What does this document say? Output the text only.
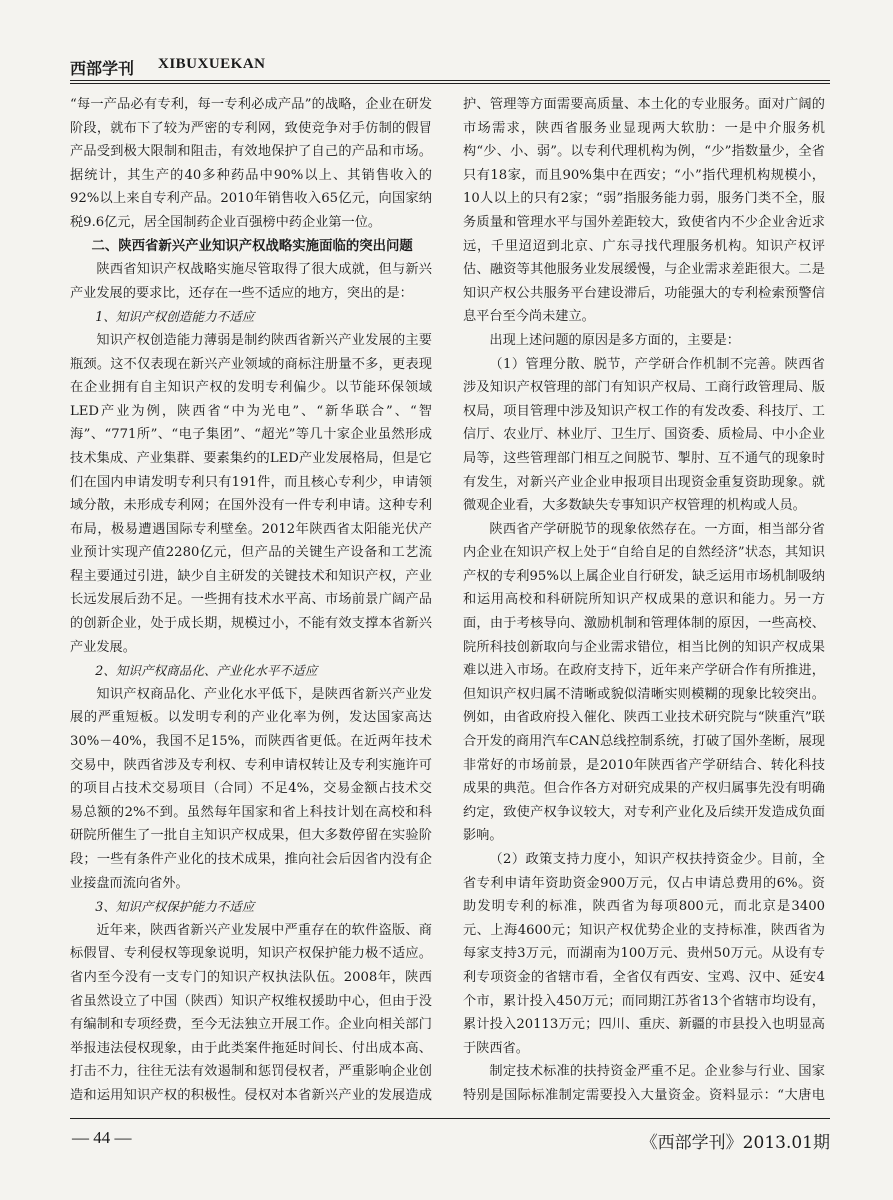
西部学刊 XIBUXUEKAN

“每一产品必有专利，每一专利必成产品”的战略，企业在研发阶段，就布下了较为严密的专利网，致使竞争对手仿制的假冒产品受到极大限制和阻击，有效地保护了自己的产品和市场。据统计，其生产的40多种药品中90%以上、其销售收入的92%以上来自专利产品。2010年销售收入65亿元，向国家纳税9.6亿元，居全国制药企业百强榜中药企业第一位。

二、陕西省新兴产业知识产权战略实施面临的突出问题

陕西省知识产权战略实施尽管取得了很大成就，但与新兴产业发展的要求比，还存在一些不适应的地方，突出的是：

1、知识产权创造能力不适应

知识产权创造能力薄弱是制约陕西省新兴产业发展的主要瓶颈。这不仅表现在新兴产业领域的商标注册量不多，更表现在企业拥有自主知识产权的发明专利偏少。以节能环保领域LED产业为例，陕西省“中为光电”、“新华联合”、“智海”、“771所”、“电子集团”、“超光”等几十家企业虽然形成技术集成、产业集群、要素集约的LED产业发展格局，但是它们在国内申请发明专利只有191件，而且核心专利少，申请领域分散，未形成专利网；在国外没有一件专利申请。这种专利布局，极易遭遇国际专利壁垒。2012年陕西省太阳能光伏产业预计实现产值2280亿元，但产品的关键生产设备和工艺流程主要通过引进，缺少自主研发的关键技术和知识产权，产业长远发展后劲不足。一些拥有技术水平高、市场前景广阔产品的创新企业，处于成长期，规模过小，不能有效支撑本省新兴产业发展。

2、知识产权商品化、产业化水平不适应

知识产权商品化、产业化水平低下，是陕西省新兴产业发展的严重短板。以发明专利的产业化率为例，发达国家高达30%－40%，我国不足15%，而陕西省更低。在近两年技术交易中，陕西省涉及专利权、专利申请权转让及专利实施许可的项目占技术交易项目（合同）不足4%，交易金额占技术交易总额的2%不到。虽然每年国家和省上科技计划在高校和科研院所催生了一批自主知识产权成果，但大多数停留在实验阶段；一些有条件产业化的技术成果，推向社会后因省内没有企业接盘而流向省外。

3、知识产权保护能力不适应

近年来，陕西省新兴产业发展中严重存在的软件盗版、商标假冒、专利侵权等现象说明，知识产权保护能力极不适应。省内至今没有一支专门的知识产权执法队伍。2008年，陕西省虽然设立了中国（陕西）知识产权维权援助中心，但由于没有编制和专项经费，至今无法独立开展工作。企业向相关部门举报违法侵权现象，由于此类案件拖延时间长、付出成本高、打击不力，往往无法有效遏制和惩罚侵权者，严重影响企业创造和运用知识产权的积极性。侵权对本省新兴产业的发展造成

护、管理等方面需要高质量、本土化的专业服务。面对广阔的市场需求，陕西省服务业显现两大软肋：一是中介服务机构“少、小、弱”。以专利代理机构为例，“少”指数量少，全省只有18家，而且90%集中在西安；“小”指代理机构规模小，10人以上的只有2家；“弱”指服务能力弱，服务门类不全，服务质量和管理水平与国外差距较大，致使省内不少企业舍近求远，千里迢迢到北京、广东寻找代理服务机构。知识产权评估、融资等其他服务业发展缓慢，与企业需求差距很大。二是知识产权公共服务平台建设滞后，功能强大的专利检索预警信息平台至今尚未建立。

出现上述问题的原因是多方面的，主要是：

（1）管理分散、脱节，产学研合作机制不完善。陕西省涉及知识产权管理的部门有知识产权局、工商行政管理局、版权局，项目管理中涉及知识产权工作的有发改委、科技厅、工信厅、农业厅、林业厅、卫生厅、国资委、质检局、中小企业局等，这些管理部门相互之间脱节、掣肘、互不通气的现象时有发生，对新兴产业企业申报项目出现资金重复资助现象。就微观企业看，大多数缺失专事知识产权管理的机构或人员。

陕西省产学研脱节的现象依然存在。一方面，相当部分省内企业在知识产权上处于“自给自足的自然经济”状态，其知识产权的专利95%以上属企业自行研发，缺乏运用市场机制吸纳和运用高校和科研院所知识产权成果的意识和能力。另一方面，由于考核导向、激励机制和管理体制的原因，一些高校、院所科技创新取向与企业需求错位，相当比例的知识产权成果难以进入市场。在政府支持下，近年来产学研合作有所推进，但知识产权归属不清晰或貌似清晰实则模糊的现象比较突出。例如，由省政府投入催化、陕西工业技术研究院与“陕重汽”联合开发的商用汽车CAN总线控制系统，打破了国外垄断，展现非常好的市场前景，是2010年陕西省产学研结合、转化科技成果的典范。但合作各方对研究成果的产权归属事先没有明确约定，致使产权争议较大，对专利产业化及后续开发造成负面影响。

（2）政策支持力度小，知识产权扶持资金少。目前，全省专利申请年资助资金900万元，仅占申请总费用的6%。资助发明专利的标准，陕西省为每项800元，而北京是3400元、上海4600元；知识产权优势企业的支持标准，陕西省为每家支持3万元，而湖南为100万元、贵州50万元。从设有专利专项资金的省辖市看，全省仅有西安、宝鸡、汉中、延安4个市，累计投入450万元；而同期江苏省13个省辖市均设有，累计投入20113万元；四川、重庆、新疆的市县投入也明显高于陕西省。

制定技术标准的扶持资金严重不足。企业参与行业、国家特别是国际标准制定需要投入大量资金。资料显示：“大唐电

— 44 —	《西部学刊》2013.01期
